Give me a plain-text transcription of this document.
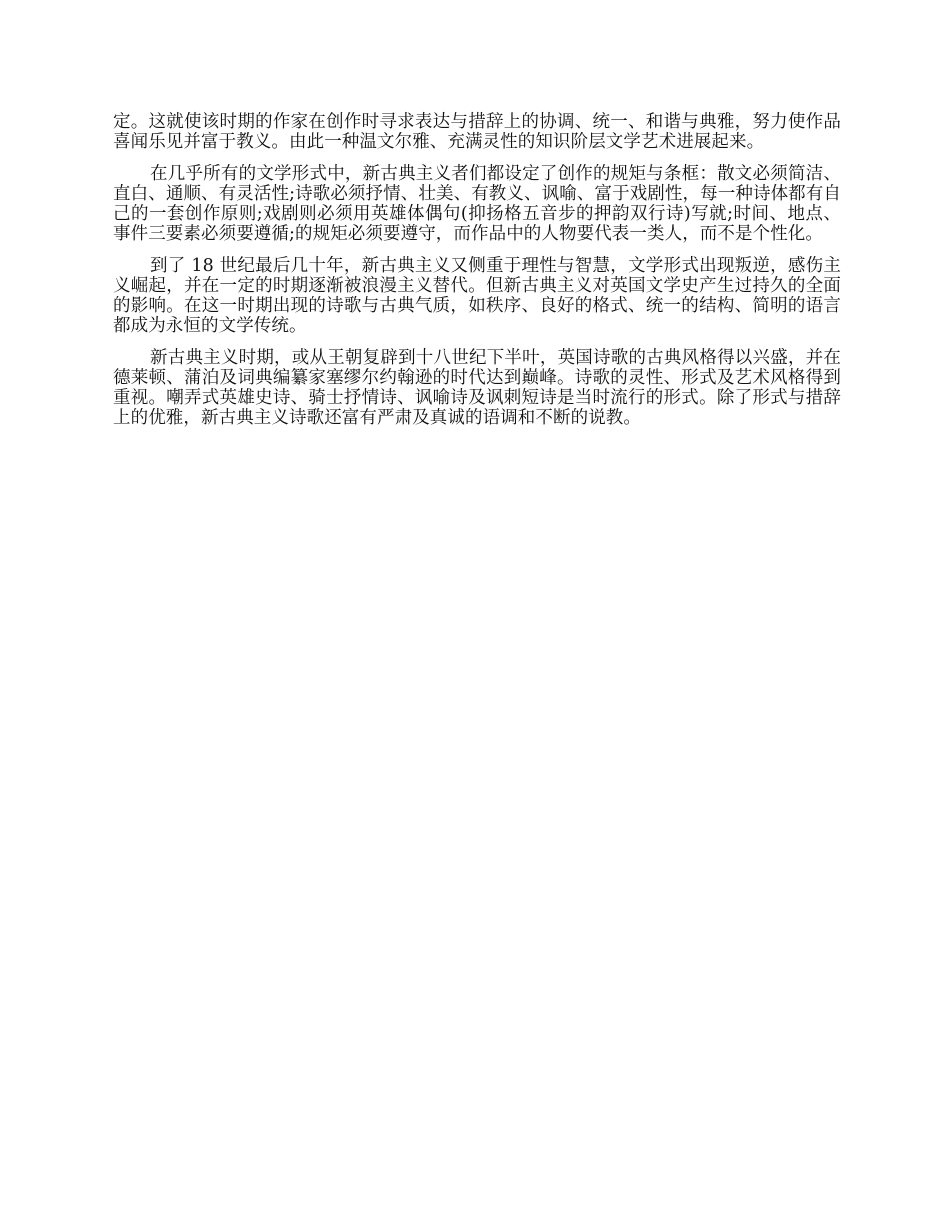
定。这就使该时期的作家在创作时寻求表达与措辞上的协调、统一、和谐与典雅，努力使作品喜闻乐见并富于教义。由此一种温文尔雅、充满灵性的知识阶层文学艺术进展起来。

在几乎所有的文学形式中，新古典主义者们都设定了创作的规矩与条框：散文必须简洁、直白、通顺、有灵活性;诗歌必须抒情、壮美、有教义、讽喻、富于戏剧性，每一种诗体都有自己的一套创作原则;戏剧则必须用英雄体偶句(抑扬格五音步的押韵双行诗)写就;时间、地点、事件三要素必须要遵循;的规矩必须要遵守，而作品中的人物要代表一类人，而不是个性化。

到了 18 世纪最后几十年，新古典主义又侧重于理性与智慧，文学形式出现叛逆，感伤主义崛起，并在一定的时期逐渐被浪漫主义替代。但新古典主义对英国文学史产生过持久的全面的影响。在这一时期出现的诗歌与古典气质，如秩序、良好的格式、统一的结构、简明的语言都成为永恒的文学传统。

新古典主义时期，或从王朝复辟到十八世纪下半叶，英国诗歌的古典风格得以兴盛，并在德莱顿、蒲泊及词典编纂家塞缪尔约翰逊的时代达到巅峰。诗歌的灵性、形式及艺术风格得到重视。嘲弄式英雄史诗、骑士抒情诗、讽喻诗及讽刺短诗是当时流行的形式。除了形式与措辞上的优雅，新古典主义诗歌还富有严肃及真诚的语调和不断的说教。
